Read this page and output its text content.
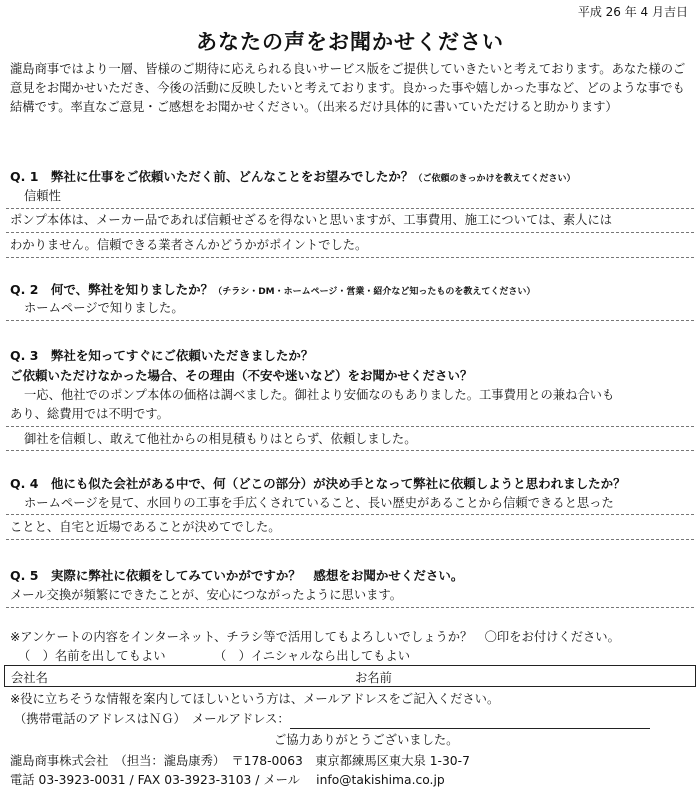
平成 26 年 4 月吉日
あなたの声をお聞かせください
瀧島商事ではより一層、皆様のご期待に応えられる良いサービス版をご提供していきたいと考えております。あなた様のご意見をお聞かせいただき、今後の活動に反映したいと考えております。良かった事や嬉しかった事など、どのような事でも結構です。率直なご意見・ご感想をお聞かせください。（出来るだけ具体的に書いていただけると助かります）
Q. 1　弊社に仕事をご依頼いただく前、どんなことをお望みでしたか？（ご依頼のきっかけを教えてください）
信頼性
ポンプ本体は、メーカー品であれば信頼せざるを得ないと思いますが、工事費用、施工については、素人には
わかりません。信頼できる業者さんかどうかがポイントでした。
Q. 2　何で、弊社を知りましたか？（チラシ・DM・ホームページ・営業・紹介など知ったものを教えてください）
ホームページで知りました。
Q. 3　弊社を知ってすぐにご依頼いただきましたか？
ご依頼いただけなかった場合、その理由（不安や迷いなど）をお聞かせください？
一応、他社でのポンプ本体の価格は調べました。御社より安価なのもありました。工事費用との兼ね合いも
あり、総費用では不明です。
御社を信頼し、敢えて他社からの相見積もりはとらず、依頼しました。
Q. 4　他にも似た会社がある中で、何（どこの部分）が決め手となって弊社に依頼しようと思われましたか？
ホームページを見て、水回りの工事を手広くされていること、長い歴史があることから信頼できると思った
ことと、自宅と近場であることが決めてでした。
Q. 5　実際に弊社に依頼をしてみていかがですか？　感想をお聞かせください。
メール交換が頻繁にできたことが、安心につながったように思います。
※アンケートの内容をインターネット、チラシ等で活用してもよろしいでしょうか？　〇印をお付けください。
（　）名前を出してもよい	（　）イニシャルなら出してもよい
会社名	お名前
※役に立ちそうな情報を案内してほしいという方は、メールアドレスをご記入ください。
（携帯電話のアドレスはＮＧ）　メールアドレス：
ご協力ありがとうございました。
瀧島商事株式会社　（担当：瀧島康秀）　〒178-0063　東京都練馬区東大泉 1-30-7
電話 03-3923-0031 / FAX 03-3923-3103 / メール　 info@takishima.co.jp
